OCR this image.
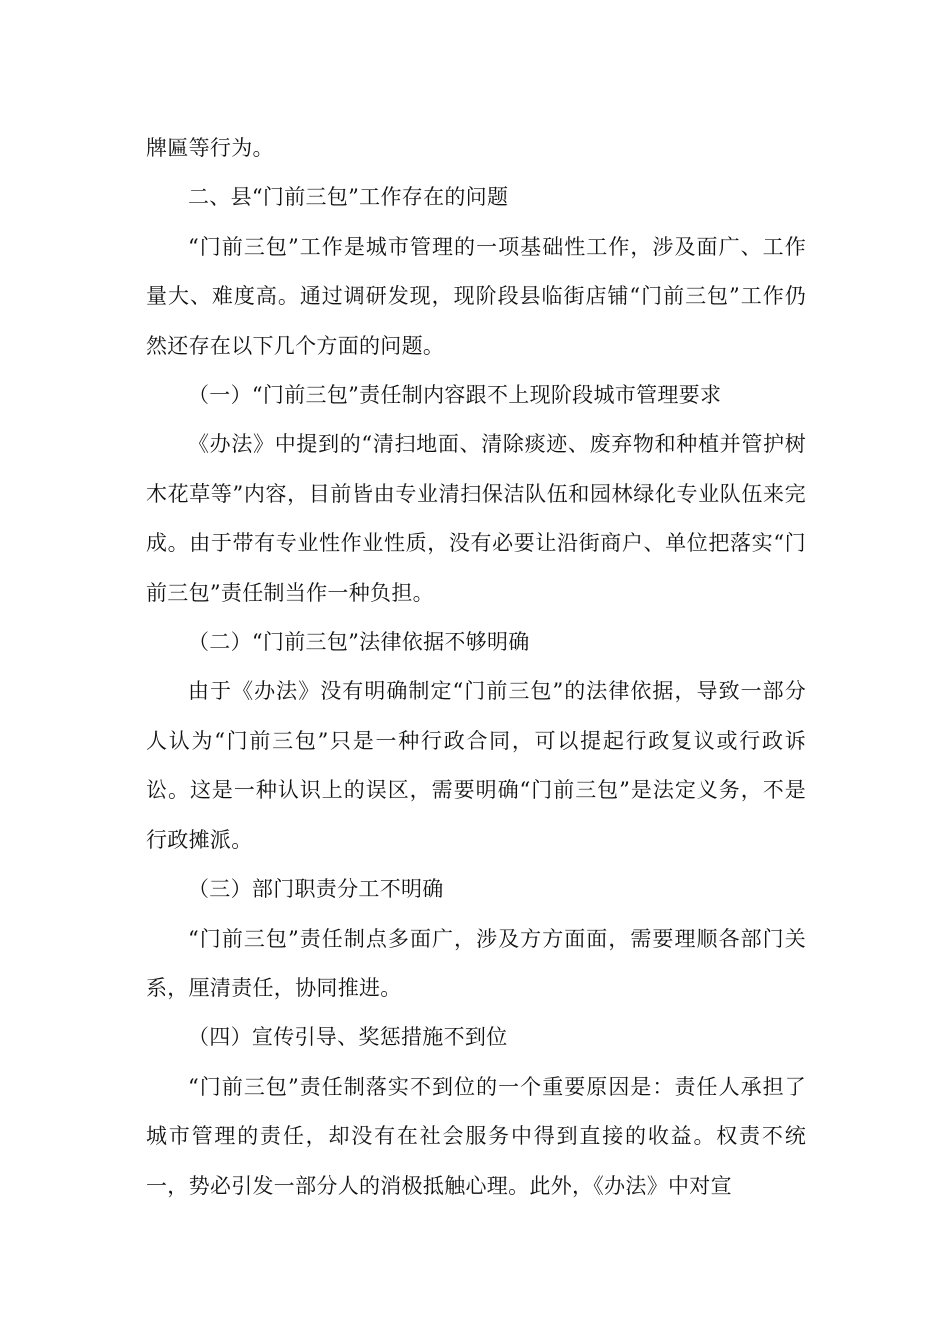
牌匾等行为。

二、县“门前三包”工作存在的问题

“门前三包”工作是城市管理的一项基础性工作，涉及面广、工作量大、难度高。通过调研发现，现阶段县临街店铺“门前三包”工作仍然还存在以下几个方面的问题。

（一）“门前三包”责任制内容跟不上现阶段城市管理要求

《办法》中提到的“清扫地面、清除痰迹、废弃物和种植并管护树木花草等”内容，目前皆由专业清扫保洁队伍和园林绿化专业队伍来完成。由于带有专业性作业性质，没有必要让沿街商户、单位把落实“门前三包”责任制当作一种负担。

（二）“门前三包”法律依据不够明确

由于《办法》没有明确制定“门前三包”的法律依据，导致一部分人认为“门前三包”只是一种行政合同，可以提起行政复议或行政诉讼。这是一种认识上的误区，需要明确“门前三包”是法定义务，不是行政摊派。

（三）部门职责分工不明确

“门前三包”责任制点多面广，涉及方方面面，需要理顺各部门关系，厘清责任，协同推进。

（四）宣传引导、奖惩措施不到位

“门前三包”责任制落实不到位的一个重要原因是：责任人承担了城市管理的责任，却没有在社会服务中得到直接的收益。权责不统一，势必引发一部分人的消极抵触心理。此外，《办法》中对宣
